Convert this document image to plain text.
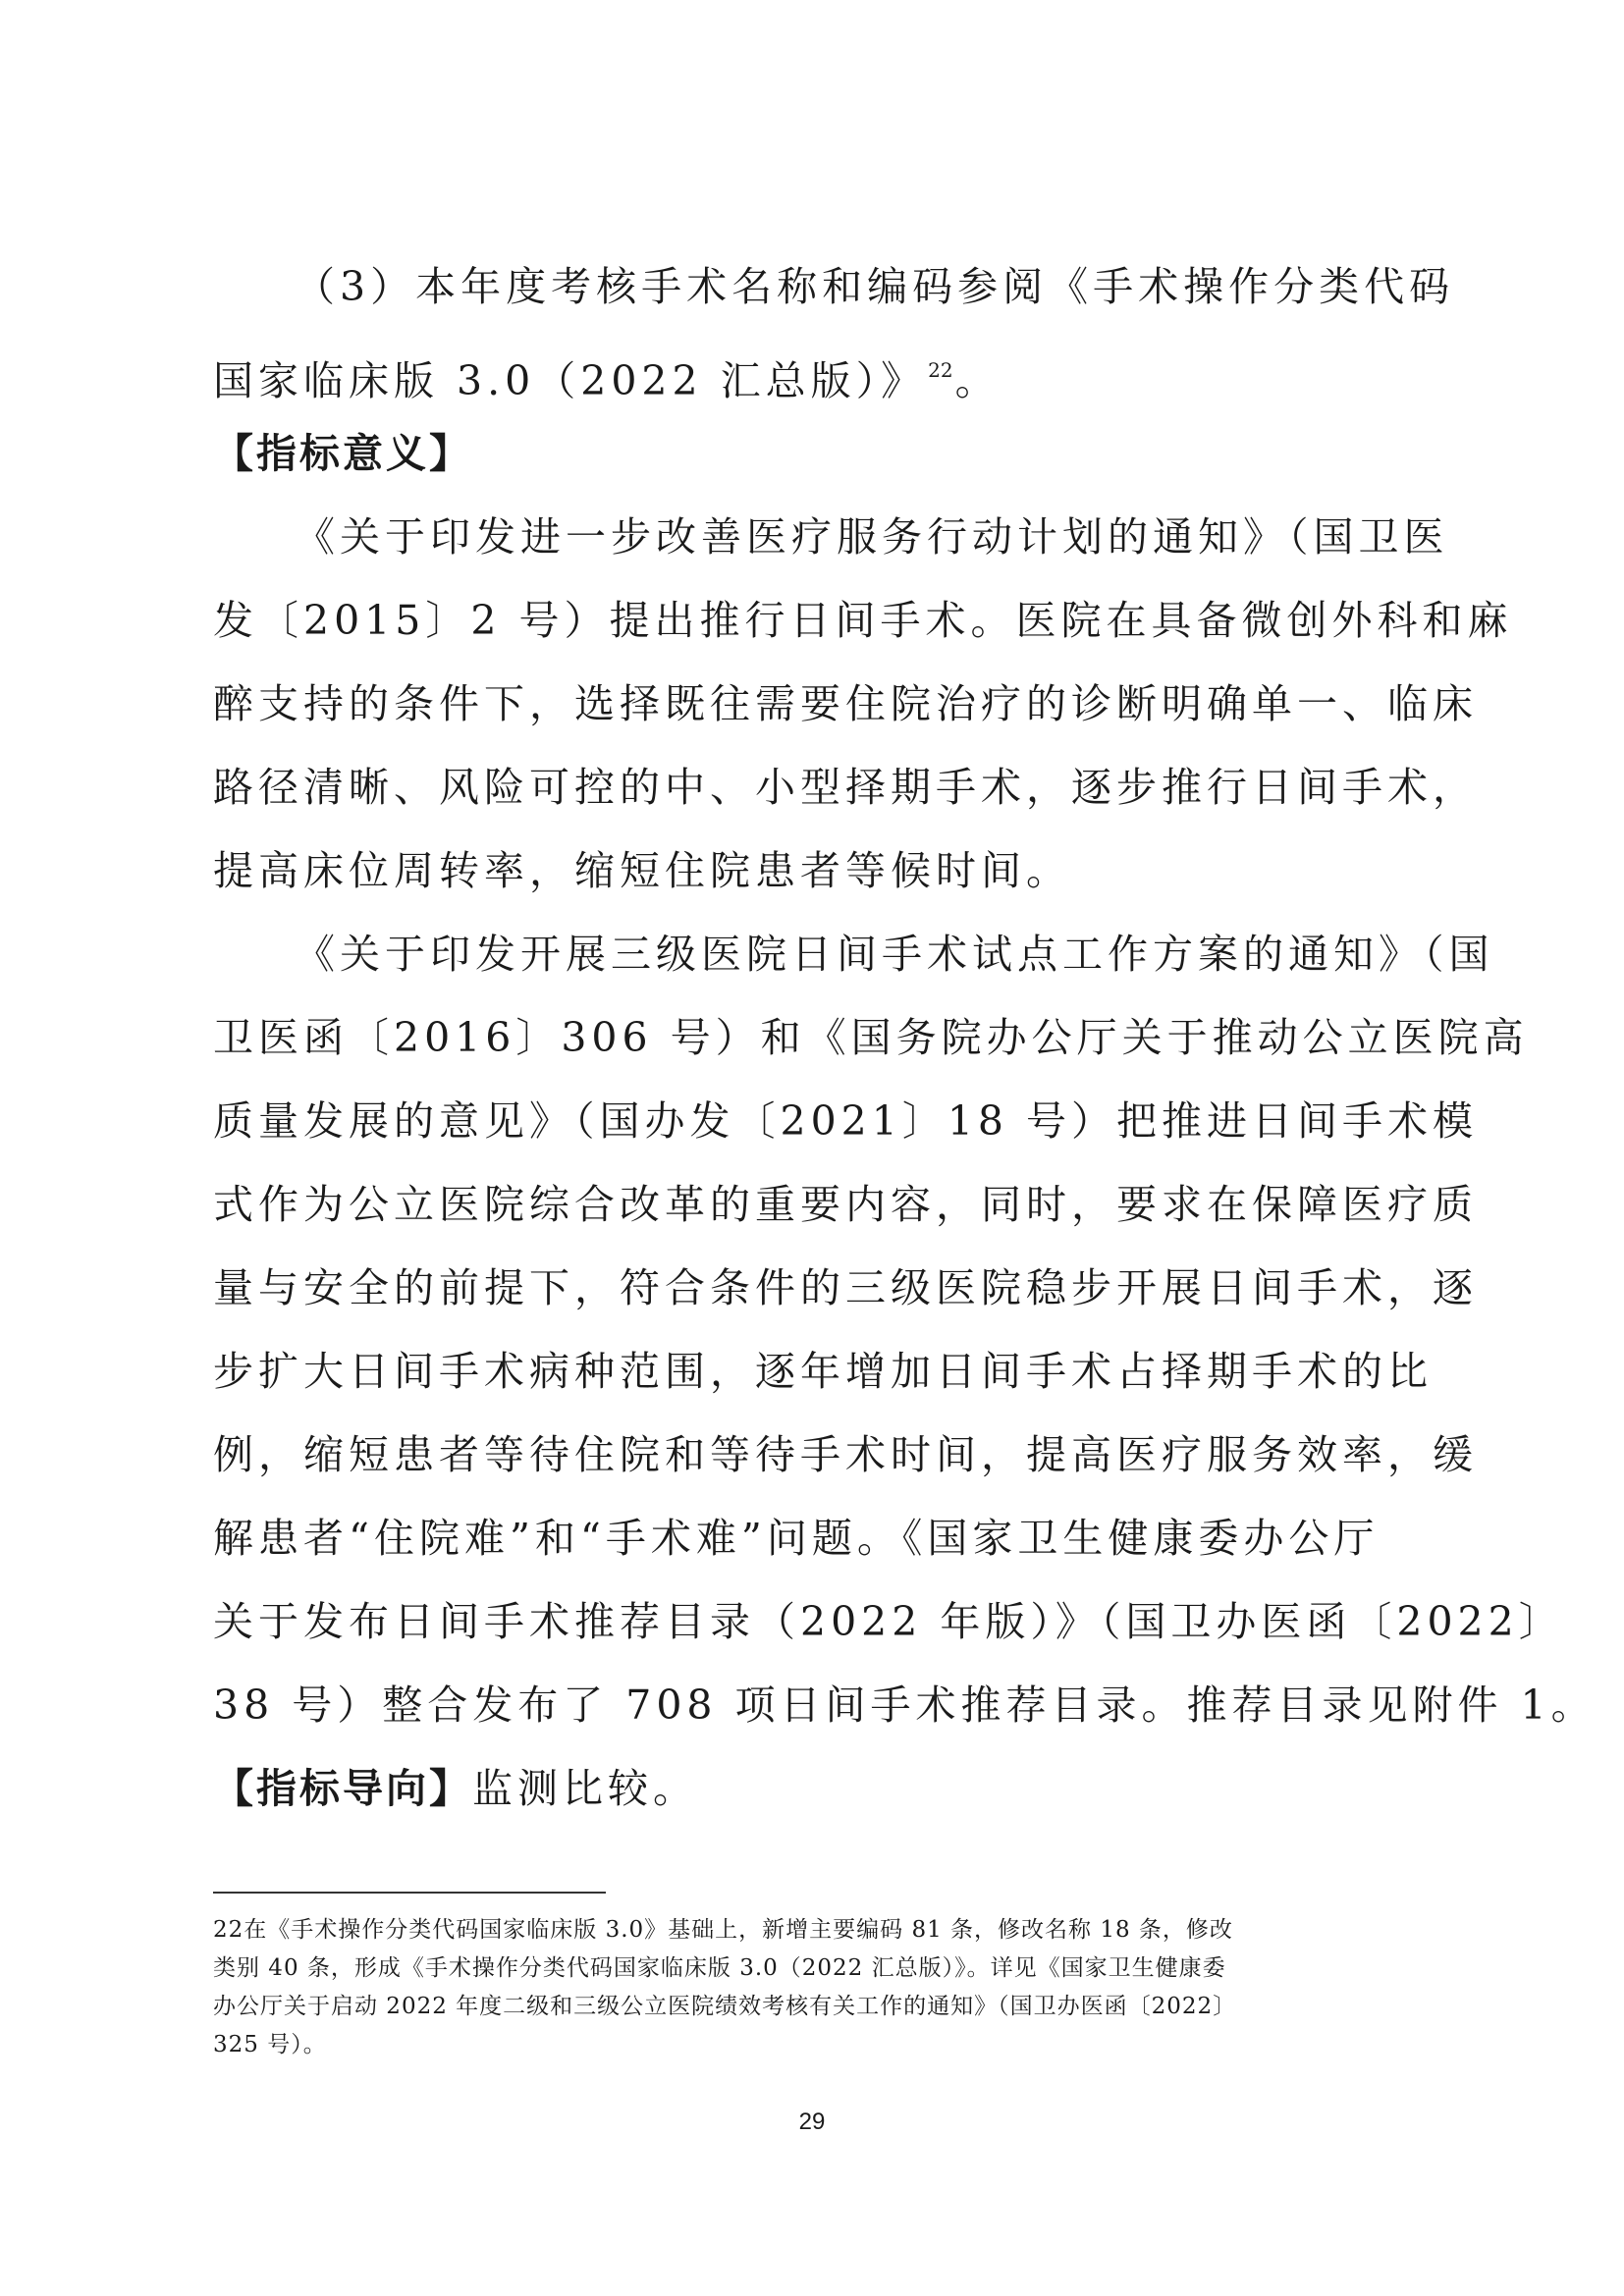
（3）本年度考核手术名称和编码参阅《手术操作分类代码
国家临床版 3.0（2022 汇总版）》 $^{22}$。
【指标意义】
《关于印发进一步改善医疗服务行动计划的通知》（国卫医
发〔2015〕2 号）提出推行日间手术。医院在具备微创外科和麻
醉支持的条件下，选择既往需要住院治疗的诊断明确单一、临床
路径清晰、风险可控的中、小型择期手术，逐步推行日间手术，
提高床位周转率，缩短住院患者等候时间。
《关于印发开展三级医院日间手术试点工作方案的通知》（国
卫医函〔2016〕306 号）和《国务院办公厅关于推动公立医院高
质量发展的意见》（国办发〔2021〕18 号）把推进日间手术模
式作为公立医院综合改革的重要内容，同时，要求在保障医疗质
量与安全的前提下，符合条件的三级医院稳步开展日间手术，逐
步扩大日间手术病种范围，逐年增加日间手术占择期手术的比
例，缩短患者等待住院和等待手术时间，提高医疗服务效率，缓
解患者“住院难”和“手术难”问题。《国家卫生健康委办公厅
关于发布日间手术推荐目录（2022 年版）》（国卫办医函〔2022〕
38 号）整合发布了 708 项日间手术推荐目录。推荐目录见附件 1。
【指标导向】监测比较。
22在《手术操作分类代码国家临床版 3.0》基础上，新增主要编码 81 条，修改名称 18 条，修改
类别 40 条，形成《手术操作分类代码国家临床版 3.0（2022 汇总版）》。详见《国家卫生健康委
办公厅关于启动 2022 年度二级和三级公立医院绩效考核有关工作的通知》（国卫办医函〔2022〕
325 号）。
29
